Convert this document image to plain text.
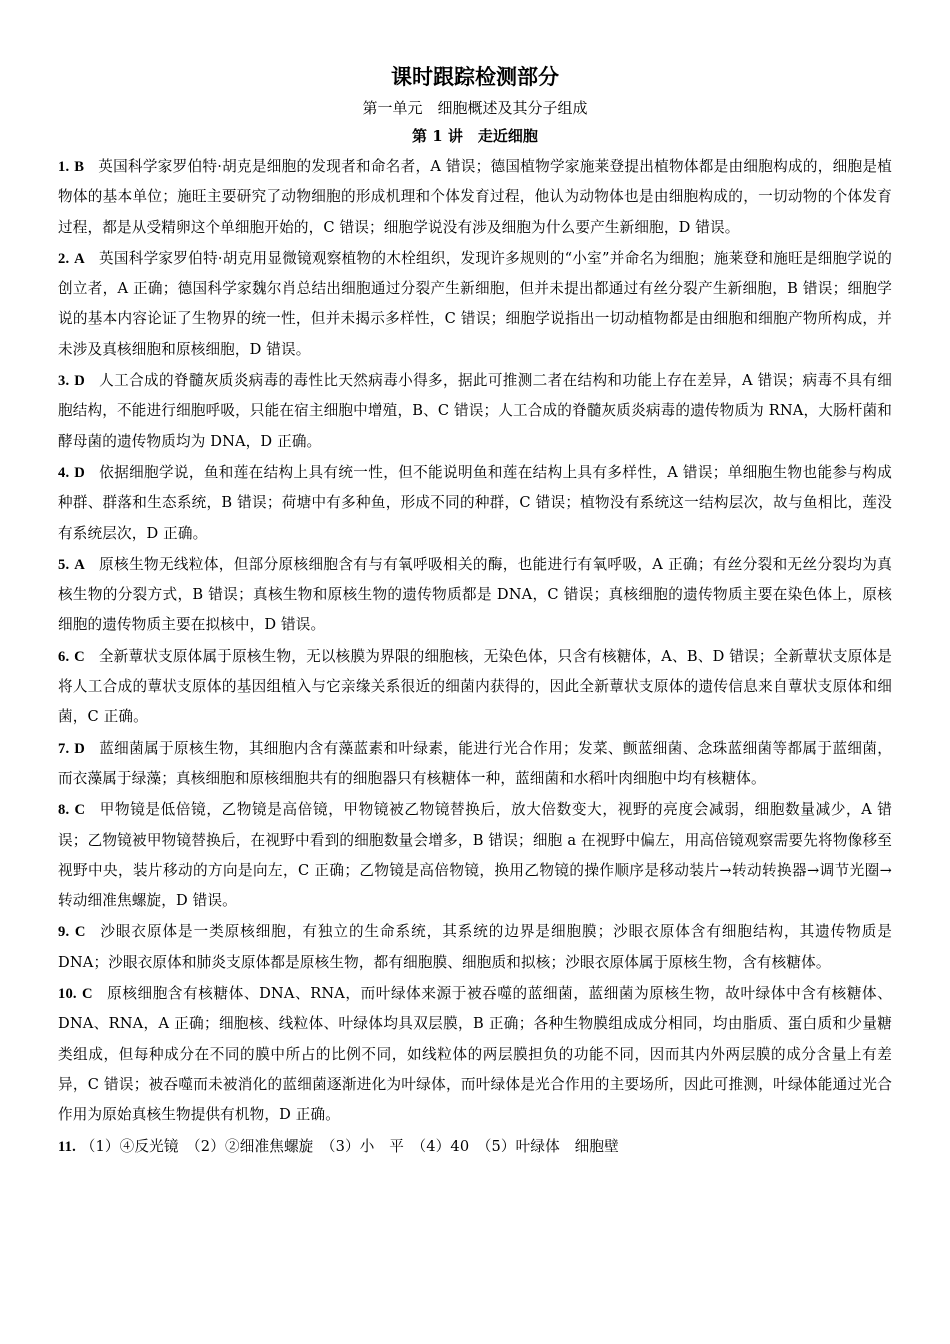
课时跟踪检测部分

第一单元　细胞概述及其分子组成

第 1 讲　走近细胞

1. B 英国科学家罗伯特·胡克是细胞的发现者和命名者，A 错误；德国植物学家施莱登提出植物体都是由细胞构成的，细胞是植物体的基本单位；施旺主要研究了动物细胞的形成机理和个体发育过程，他认为动物体也是由细胞构成的，一切动物的个体发育过程，都是从受精卵这个单细胞开始的，C 错误；细胞学说没有涉及细胞为什么要产生新细胞，D 错误。

2. A 英国科学家罗伯特·胡克用显微镜观察植物的木栓组织，发现许多规则的“小室”并命名为细胞；施莱登和施旺是细胞学说的创立者，A 正确；德国科学家魏尔肖总结出细胞通过分裂产生新细胞，但并未提出都通过有丝分裂产生新细胞，B 错误；细胞学说的基本内容论证了生物界的统一性，但并未揭示多样性，C 错误；细胞学说指出一切动植物都是由细胞和细胞产物所构成，并未涉及真核细胞和原核细胞，D 错误。

3. D 人工合成的脊髓灰质炎病毒的毒性比天然病毒小得多，据此可推测二者在结构和功能上存在差异，A 错误；病毒不具有细胞结构，不能进行细胞呼吸，只能在宿主细胞中增殖，B、C 错误；人工合成的脊髓灰质炎病毒的遗传物质为 RNA，大肠杆菌和酵母菌的遗传物质均为 DNA，D 正确。

4. D 依据细胞学说，鱼和莲在结构上具有统一性，但不能说明鱼和莲在结构上具有多样性，A 错误；单细胞生物也能参与构成种群、群落和生态系统，B 错误；荷塘中有多种鱼，形成不同的种群，C 错误；植物没有系统这一结构层次，故与鱼相比，莲没有系统层次，D 正确。

5. A 原核生物无线粒体，但部分原核细胞含有与有氧呼吸相关的酶，也能进行有氧呼吸，A 正确；有丝分裂和无丝分裂均为真核生物的分裂方式，B 错误；真核生物和原核生物的遗传物质都是 DNA，C 错误；真核细胞的遗传物质主要在染色体上，原核细胞的遗传物质主要在拟核中，D 错误。

6. C 全新蕈状支原体属于原核生物，无以核膜为界限的细胞核，无染色体，只含有核糖体，A、B、D 错误；全新蕈状支原体是将人工合成的蕈状支原体的基因组植入与它亲缘关系很近的细菌内获得的，因此全新蕈状支原体的遗传信息来自蕈状支原体和细菌，C 正确。

7. D 蓝细菌属于原核生物，其细胞内含有藻蓝素和叶绿素，能进行光合作用；发菜、颤蓝细菌、念珠蓝细菌等都属于蓝细菌，而衣藻属于绿藻；真核细胞和原核细胞共有的细胞器只有核糖体一种，蓝细菌和水稻叶肉细胞中均有核糖体。

8. C 甲物镜是低倍镜，乙物镜是高倍镜，甲物镜被乙物镜替换后，放大倍数变大，视野的亮度会减弱，细胞数量减少，A 错误；乙物镜被甲物镜替换后，在视野中看到的细胞数量会增多，B 错误；细胞 a 在视野中偏左，用高倍镜观察需要先将物像移至视野中央，装片移动的方向是向左，C 正确；乙物镜是高倍物镜，换用乙物镜的操作顺序是移动装片→转动转换器→调节光圈→转动细准焦螺旋，D 错误。

9. C 沙眼衣原体是一类原核细胞，有独立的生命系统，其系统的边界是细胞膜；沙眼衣原体含有细胞结构，其遗传物质是 DNA；沙眼衣原体和肺炎支原体都是原核生物，都有细胞膜、细胞质和拟核；沙眼衣原体属于原核生物，含有核糖体。

10. C 原核细胞含有核糖体、DNA、RNA，而叶绿体来源于被吞噬的蓝细菌，蓝细菌为原核生物，故叶绿体中含有核糖体、DNA、RNA，A 正确；细胞核、线粒体、叶绿体均具双层膜，B 正确；各种生物膜组成成分相同，均由脂质、蛋白质和少量糖类组成，但每种成分在不同的膜中所占的比例不同，如线粒体的两层膜担负的功能不同，因而其内外两层膜的成分含量上有差异，C 错误；被吞噬而未被消化的蓝细菌逐渐进化为叶绿体，而叶绿体是光合作用的主要场所，因此可推测，叶绿体能通过光合作用为原始真核生物提供有机物，D 正确。

11. （1）④反光镜　（2）②细准焦螺旋　（3）小　平　（4）40　（5）叶绿体　细胞壁
